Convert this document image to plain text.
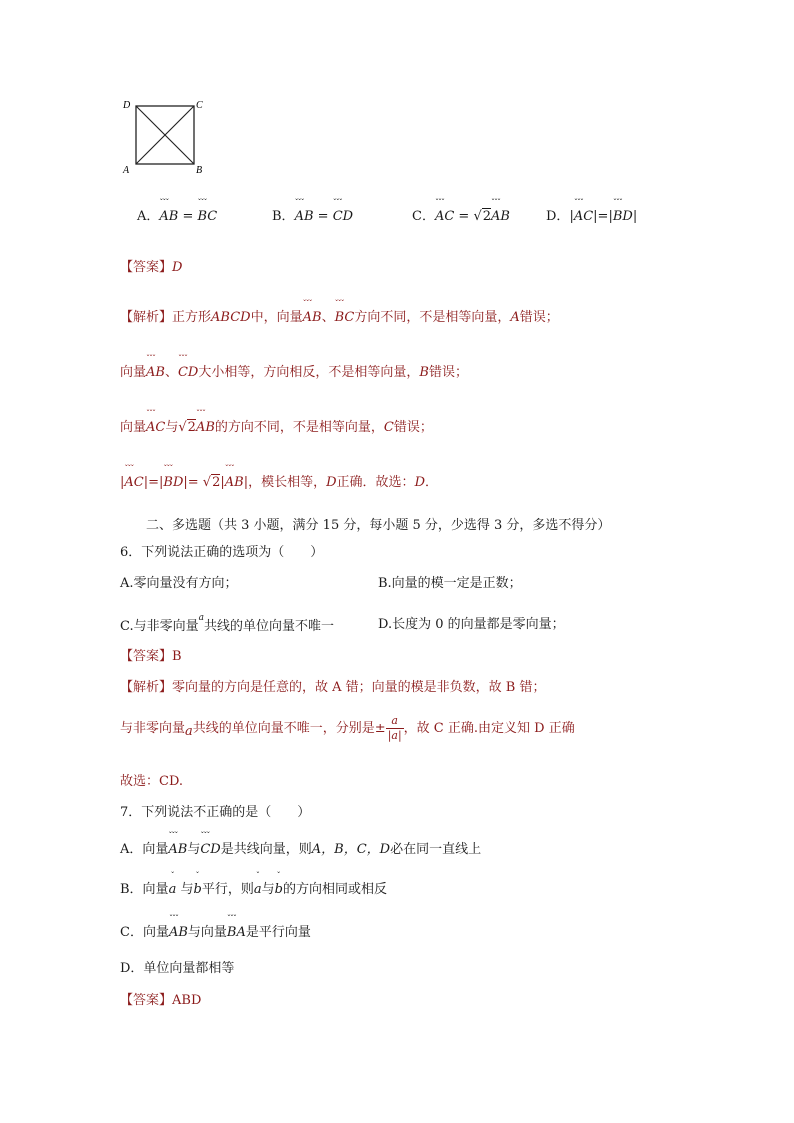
D	C
A	B
A．ˇˇˇ AB = ˇˇˇ BC	B．ˇˇˇ AB = ˇˇˇ CD	C．ˇˇˇ AC = √2ˇˇˇ AB	D．|ˇˇˇ AC|=|ˇˇˇ BD|
【答案】D
【解析】正方形ABCD中，向量ˇˇˇ AB、ˇˇˇ BC方向不同，不是相等向量，A错误；
向量ˇˇˇ AB、ˇˇˇ CD大小相等，方向相反，不是相等向量，B错误；
向量ˇˇˇ AC与√2ˇˇˇ AB的方向不同，不是相等向量，C错误；
|ˇˇˇ AC|=|ˇˇˇ BD|= √2|ˇˇˇ AB|，模长相等，D正确．故选：D．
二、多选题（共 3 小题，满分 15 分，每小题 5 分，少选得 3 分，多选不得分）
6．下列说法正确的选项为（　　）
A.零向量没有方向；	B.向量的模一定是正数；
C.与非零向量a共线的单位向量不唯一	D.长度为 0 的向量都是零向量；
【答案】B
【解析】零向量的方向是任意的，故 A 错；向量的模是非负数，故 B 错；
与非零向量a共线的单位向量不唯一，分别是± $\frac{a}{|a|}$ ，故 C 正确.由定义知 D 正确
故选：CD.
7．下列说法不正确的是（　　）
A．向量ˇˇˇ AB与ˇˇˇ CD是共线向量，则A，B，C，D必在同一直线上
B．向量ˇ a 与ˇ b平行，则ˇ a与ˇ b的方向相同或相反
C．向量ˇˇˇ AB与向量ˇˇˇ BA是平行向量
D．单位向量都相等
【答案】ABD
